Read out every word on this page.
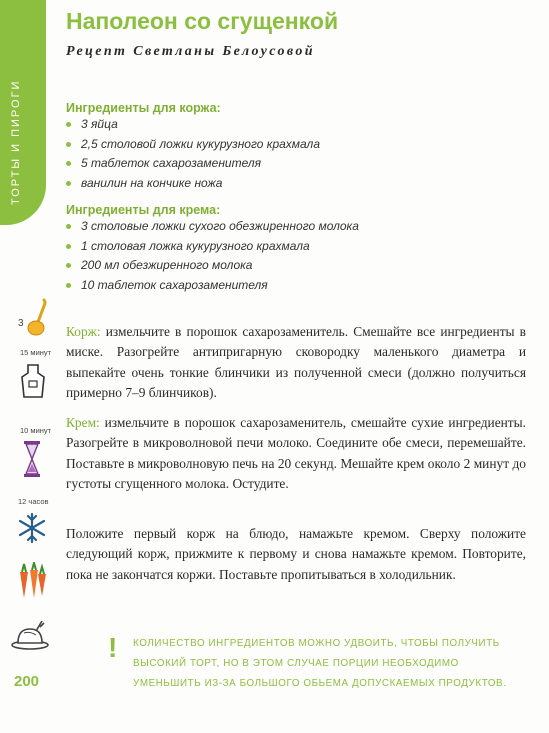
ТОРТЫ И ПИРОГИ
Наполеон со сгущенкой
Рецепт Светланы Белоусовой
Ингредиенты для коржа:
3 яйца
2,5 столовой ложки кукурузного крахмала
5 таблеток сахарозаменителя
ванилин на кончике ножа
Ингредиенты для крема:
3 столовые ложки сухого обезжиренного молока
1 столовая ложка кукурузного крахмала
200 мл обезжиренного молока
10 таблеток сахарозаменителя

Корж: измельчите в порошок сахарозаменитель. Смешайте все ингредиенты в миске. Разогрейте антипригарную сковородку маленького диаметра и выпекайте очень тонкие блинчики из полученной смеси (должно получиться примерно 7–9 блинчиков).

Крем: измельчите в порошок сахарозаменитель, смешайте сухие ингредиенты. Разогрейте в микроволновой печи молоко. Соедините обе смеси, перемешайте. Поставьте в микроволновую печь на 20 секунд. Мешайте крем около 2 минут до густоты сгущенного молока. Остудите.

Положите первый корж на блюдо, намажьте кремом. Сверху положите следующий корж, прижмите к первому и снова намажьте кремом. Повторите, пока не закончатся коржи. Поставьте пропитываться в холодильник.

3
15 минут
10 минут
12 часов
! КОЛИЧЕСТВО ИНГРЕДИЕНТОВ МОЖНО УДВОИТЬ, ЧТОБЫ ПОЛУЧИТЬ ВЫСОКИЙ ТОРТ, НО В ЭТОМ СЛУЧАЕ ПОРЦИИ НЕОБХОДИМО УМЕНЬШИТЬ ИЗ-ЗА БОЛЬШОГО ОБЬЕМА ДОПУСКАЕМЫХ ПРОДУКТОВ.

200
